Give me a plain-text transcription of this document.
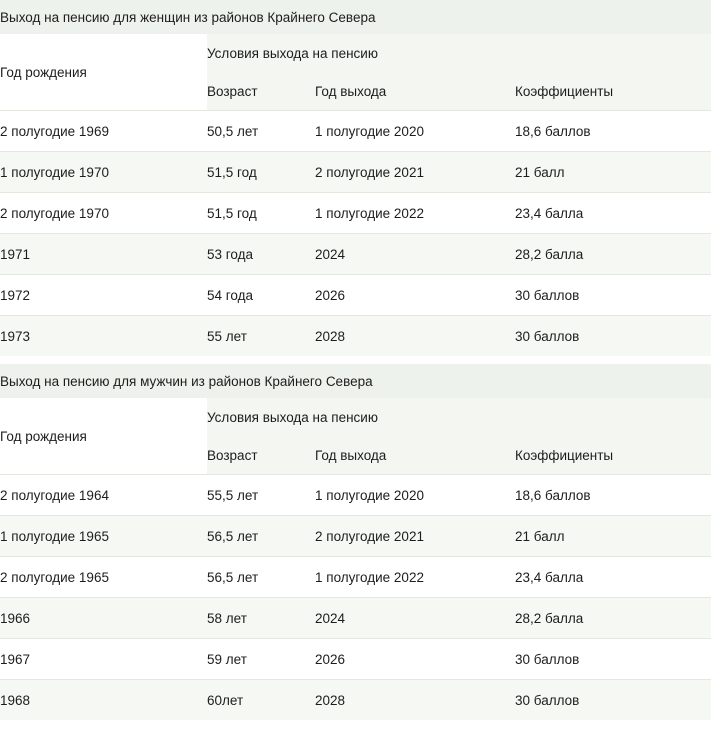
Выход на пенсию для женщин из районов Крайнего Севера			
Год рождения	Условия выхода на пенсию		
	Возраст	Год выхода	Коэффициенты
2 полугодие 1969	50,5 лет	1 полугодие 2020	18,6 баллов
1 полугодие 1970	51,5 год	2 полугодие 2021	21 балл
2 полугодие 1970	51,5 год	1 полугодие 2022	23,4 балла
1971	53 года	2024	28,2 балла
1972	54 года	2026	30 баллов
1973	55 лет	2028	30 баллов
Выход на пенсию для мужчин из районов Крайнего Севера			
Год рождения	Условия выхода на пенсию		
	Возраст	Год выхода	Коэффициенты
2 полугодие 1964	55,5 лет	1 полугодие 2020	18,6 баллов
1 полугодие 1965	56,5 лет	2 полугодие 2021	21 балл
2 полугодие 1965	56,5 лет	1 полугодие 2022	23,4 балла
1966	58 лет	2024	28,2 балла
1967	59 лет	2026	30 баллов
1968	60лет	2028	30 баллов
